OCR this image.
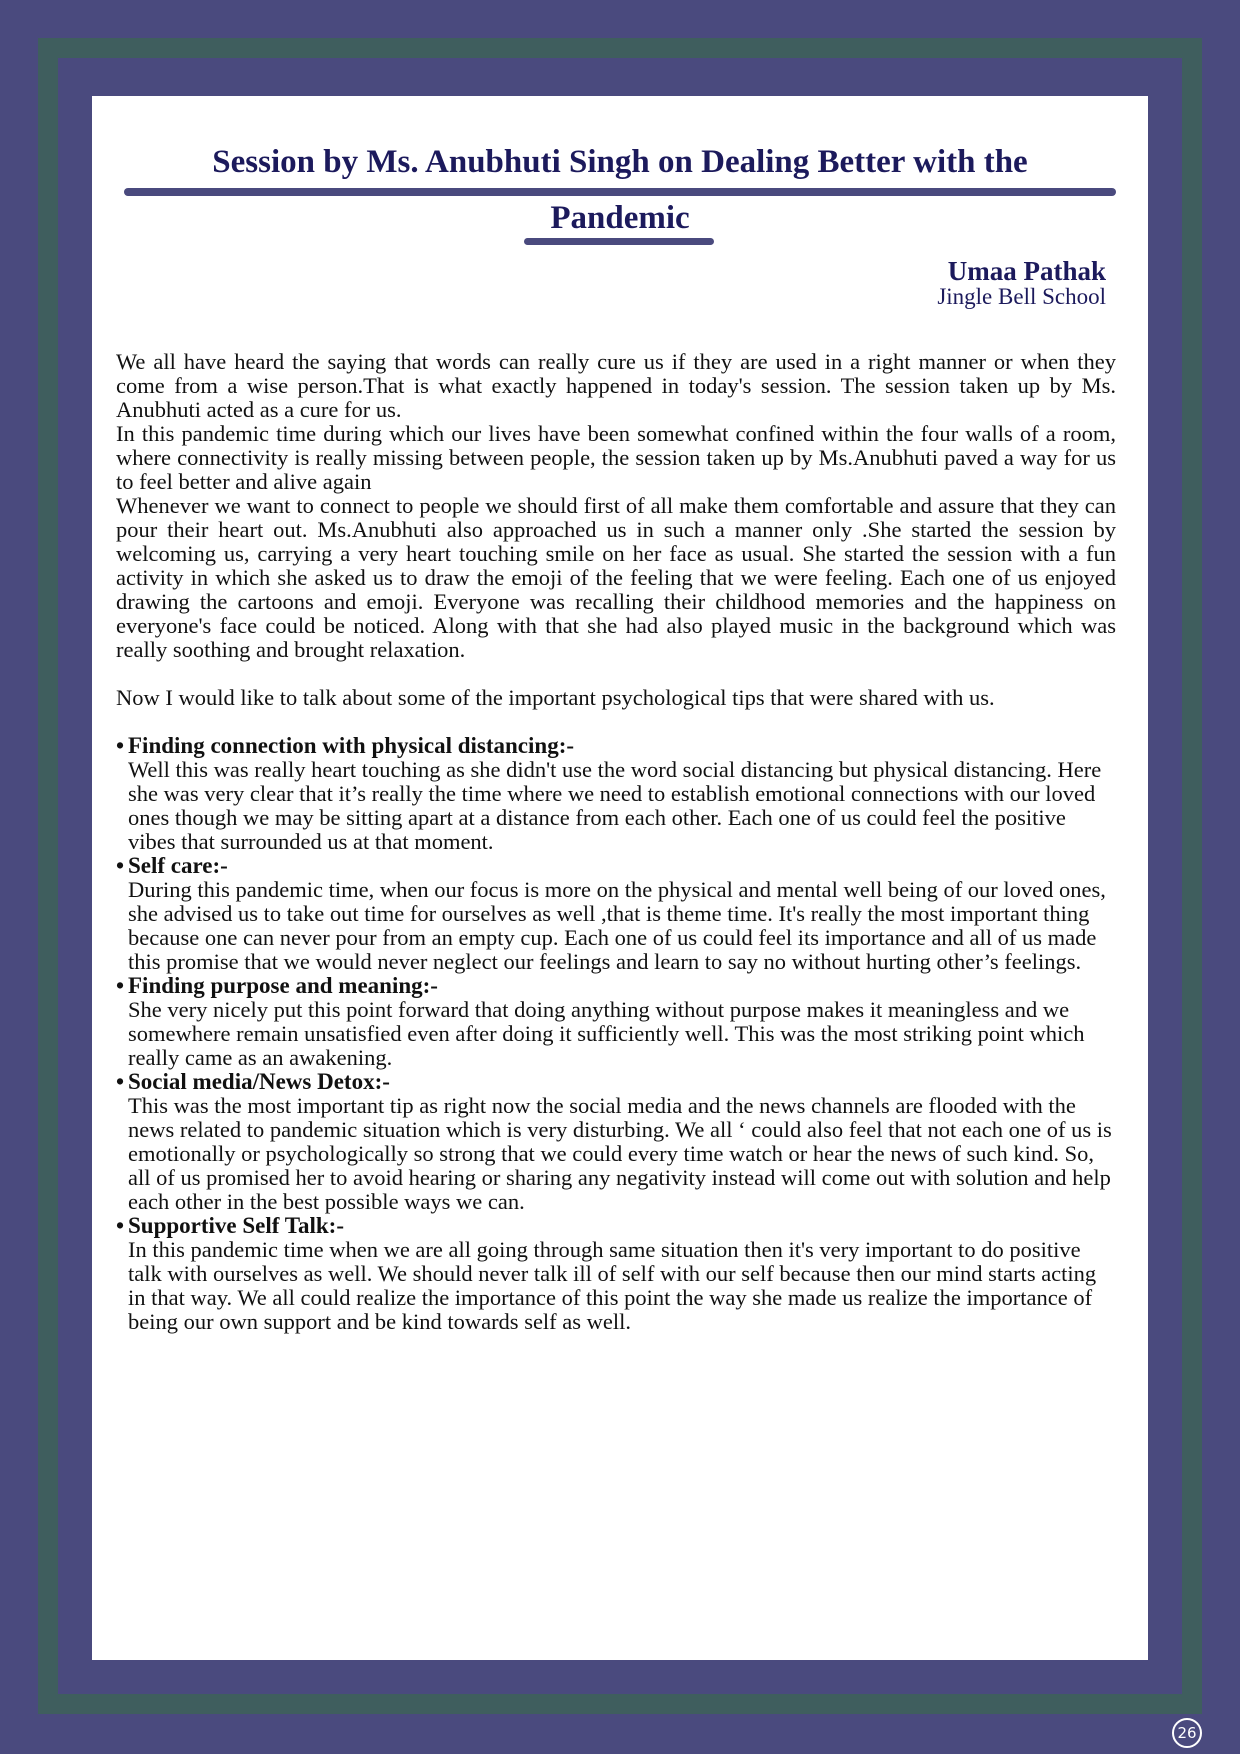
Session by Ms. Anubhuti Singh on Dealing Better with the
Pandemic
Umaa Pathak
Jingle Bell School

We all have heard the saying that words can really cure us if they are used in a right manner or when they come from a wise person.That is what exactly happened in today's session. The session taken up by Ms. Anubhuti acted as a cure for us.

In this pandemic time during which our lives have been somewhat confined within the four walls of a room, where connectivity is really missing between people, the session taken up by Ms.Anubhuti paved a way for us to feel better and alive again

Whenever we want to connect to people we should first of all make them comfortable and assure that they can pour their heart out. Ms.Anubhuti also approached us in such a manner only .She started the session by welcoming us, carrying a very heart touching smile on her face as usual. She started the session with a fun activity in which she asked us to draw the emoji of the feeling that we were feeling. Each one of us enjoyed drawing the cartoons and emoji. Everyone was recalling their childhood memories and the happiness on everyone's face could be noticed. Along with that she had also played music in the background which was really soothing and brought relaxation.

Now I would like to talk about some of the important psychological tips that were shared with us.

• Finding connection with physical distancing:-
Well this was really heart touching as she didn't use the word social distancing but physical distancing. Here she was very clear that it’s really the time where we need to establish emotional connections with our loved ones though we may be sitting apart at a distance from each other. Each one of us could feel the positive vibes that surrounded us at that moment.
• Self care:-
During this pandemic time, when our focus is more on the physical and mental well being of our loved ones, she advised us to take out time for ourselves as well ,that is theme time. It's really the most important thing because one can never pour from an empty cup. Each one of us could feel its importance and all of us made this promise that we would never neglect our feelings and learn to say no without hurting other’s feelings.
• Finding purpose and meaning:-
She very nicely put this point forward that doing anything without purpose makes it meaningless and we somewhere remain unsatisfied even after doing it sufficiently well. This was the most striking point which really came as an awakening.
• Social media/News Detox:-
This was the most important tip as right now the social media and the news channels are flooded with the news related to pandemic situation which is very disturbing. We all ‘ could also feel that not each one of us is emotionally or psychologically so strong that we could every time watch or hear the news of such kind. So, all of us promised her to avoid hearing or sharing any negativity instead will come out with solution and help each other in the best possible ways we can.
• Supportive Self Talk:-
In this pandemic time when we are all going through same situation then it's very important to do positive talk with ourselves as well. We should never talk ill of self with our self because then our mind starts acting in that way. We all could realize the importance of this point the way she made us realize the importance of being our own support and be kind towards self as well.
26
